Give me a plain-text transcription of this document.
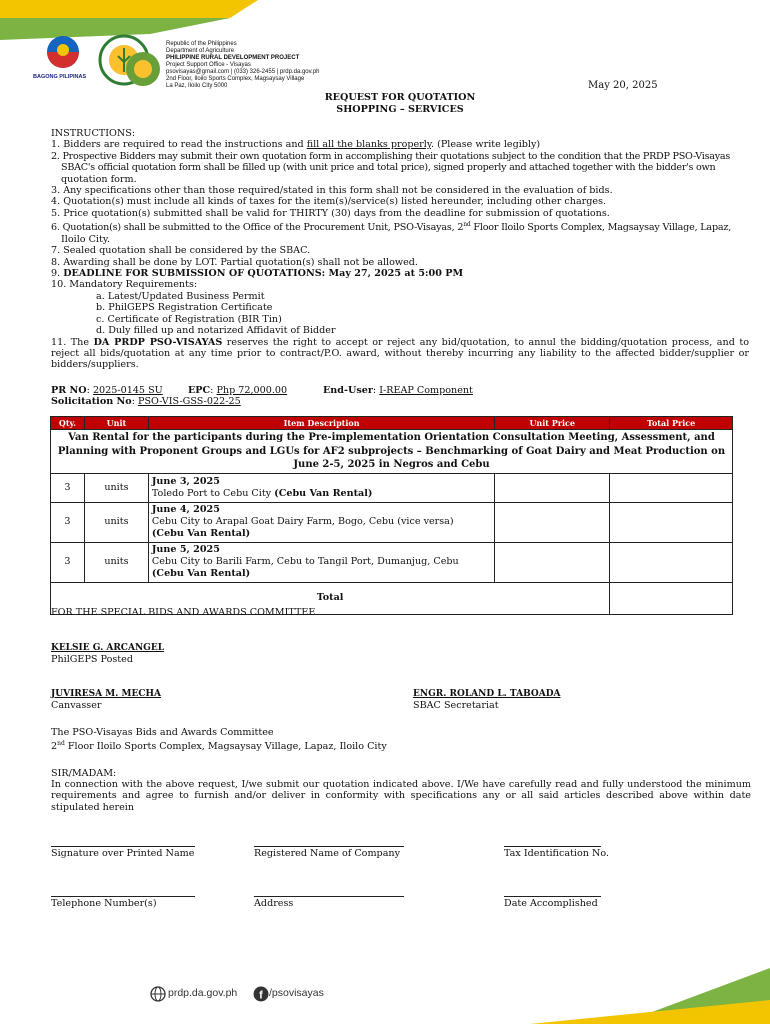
BAGONG PILIPINAS
Republic of the Philippines
Department of Agriculture
PHILIPPINE RURAL DEVELOPMENT PROJECT
Project Support Office - Visayas
psovisayas@gmail.com | (033) 326-2455 | prdp.da.gov.ph
2nd Floor, Iloilo Sports Complex, Magsaysay Village
La Paz, Iloilo City 5000	May 20, 2025
REQUEST FOR QUOTATION
SHOPPING – SERVICES
INSTRUCTIONS:
1. Bidders are required to read the instructions and fill all the blanks properly. (Please write legibly)
2. Prospective Bidders may submit their own quotation form in accomplishing their quotations subject to the condition that the PRDP PSO-Visayas
SBAC's official quotation form shall be filled up (with unit price and total price), signed properly and attached together with the bidder's own
quotation form.
3. Any specifications other than those required/stated in this form shall not be considered in the evaluation of bids.
4. Quotation(s) must include all kinds of taxes for the item(s)/service(s) listed hereunder, including other charges.
5. Price quotation(s) submitted shall be valid for THIRTY (30) days from the deadline for submission of quotations.
6. Quotation(s) shall be submitted to the Office of the Procurement Unit, PSO-Visayas, 2nd Floor Iloilo Sports Complex, Magsaysay Village, Lapaz,
Iloilo City.
7. Sealed quotation shall be considered by the SBAC.
8. Awarding shall be done by LOT. Partial quotation(s) shall not be allowed.
9. DEADLINE FOR SUBMISSION OF QUOTATIONS: May 27, 2025 at 5:00 PM
10. Mandatory Requirements:
a. Latest/Updated Business Permit
b. PhilGEPS Registration Certificate
c. Certificate of Registration (BIR Tin)
d. Duly filled up and notarized Affidavit of Bidder
11. The DA PRDP PSO-VISAYAS reserves the right to accept or reject any bid/quotation, to annul the bidding/quotation process, and to reject all bids/quotation at any time prior to contract/P.O. award, without thereby incurring any liability to the affected bidder/supplier or bidders/suppliers.
PR NO: 2025-0145 SU	EPC: Php 72,000.00	End-User: I-REAP Component
Solicitation No: PSO-VIS-GSS-022-25
Qty.	Unit	Item Description	Unit Price	Total Price
Van Rental for the participants during the Pre-implementation Orientation Consultation Meeting, Assessment, and Planning with Proponent Groups and LGUs for AF2 subprojects – Benchmarking of Goat Dairy and Meat Production on June 2-5, 2025 in Negros and Cebu				
3	units	June 3, 2025
Toledo Port to Cebu City (Cebu Van Rental)		
3	units	June 4, 2025
Cebu City to Arapal Goat Dairy Farm, Bogo, Cebu (vice versa)
(Cebu Van Rental)		

3	units	June 5, 2025
Cebu City to Barili Farm, Cebu to Tangil Port, Dumanjug, Cebu
(Cebu Van Rental)		

Total				
FOR THE SPECIAL BIDS AND AWARDS COMMITTEE
KELSIE G. ARCANGEL
PhilGEPS Posted
JUVIRESA M. MECHA
Canvasser
ENGR. ROLAND L. TABOADA
SBAC Secretariat
The PSO-Visayas Bids and Awards Committee
2nd Floor Iloilo Sports Complex, Magsaysay Village, Lapaz, Iloilo City
SIR/MADAM:
In connection with the above request, I/we submit our quotation indicated above. I/We have carefully read and fully understood the minimum requirements and agree to furnish and/or deliver in conformity with specifications any or all said articles described above within date stipulated herein
Signature over Printed Name	Registered Name of Company	Tax Identification No.
Telephone Number(s)	Address	Date Accomplished
prdp.da.gov.ph f /psovisayas
